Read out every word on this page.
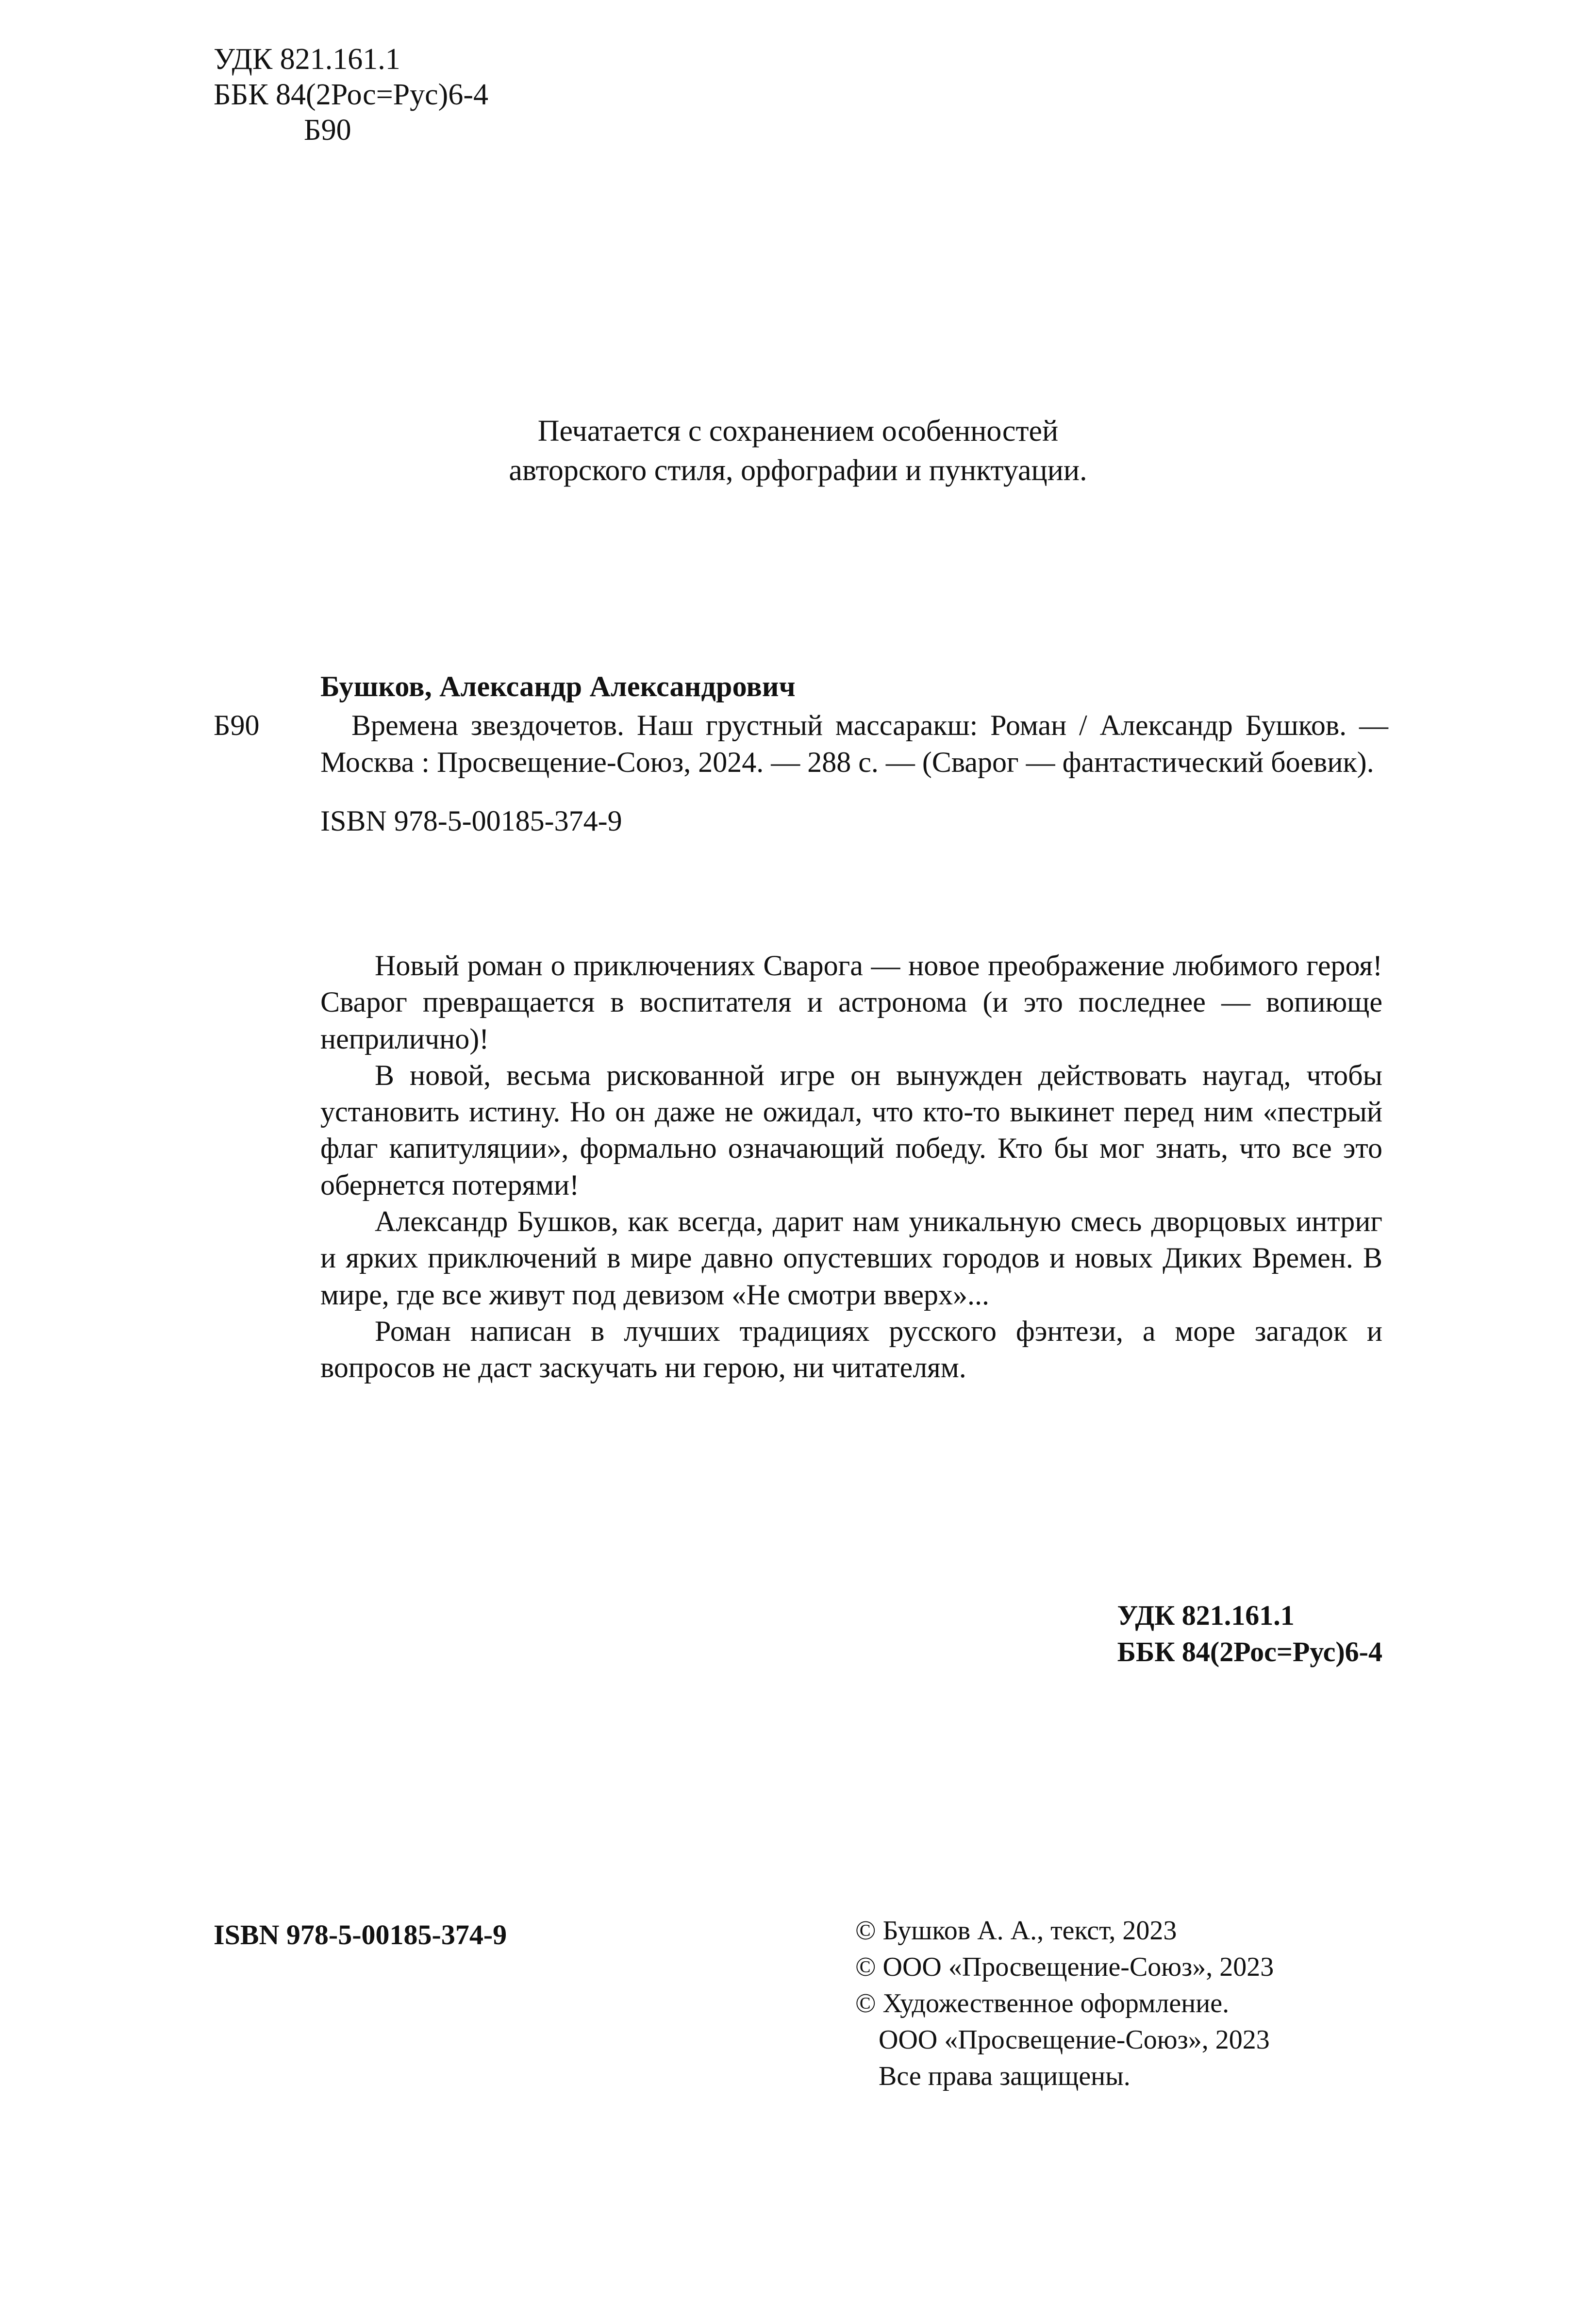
УДК 821.161.1
ББК 84(2Рос=Рус)6-4
Б90
Печатается с сохранением особенностей
авторского стиля, орфографии и пунктуации.
Бушков, Александр Александрович
Б90	Времена звездочетов. Наш грустный массаракш: Роман / Александр Бушков. — Москва : Просвещение-Союз, 2024. — 288 с. — (Сварог — фантастический боевик).
ISBN 978-5-00185-374-9

Новый роман о приключениях Сварога — новое преображение любимого героя! Сварог превращается в воспитателя и астронома (и это последнее — вопиюще неприлично)!

В новой, весьма рискованной игре он вынужден действовать наугад, чтобы установить истину. Но он даже не ожидал, что кто-то выкинет перед ним «пестрый флаг капитуляции», формально означающий победу. Кто бы мог знать, что все это обернется потерями!

Александр Бушков, как всегда, дарит нам уникальную смесь дворцовых интриг и ярких приключений в мире давно опустевших городов и новых Диких Времен. В мире, где все живут под девизом «Не смотри вверх»...

Роман написан в лучших традициях русского фэнтези, а море загадок и вопросов не даст заскучать ни герою, ни читателям.

УДК 821.161.1
ББК 84(2Рос=Рус)6-4
ISBN 978-5-00185-374-9	© Бушков А. А., текст, 2023
© ООО «Просвещение-Союз», 2023
© Художественное оформление.
ООО «Просвещение-Союз», 2023
Все права защищены.
